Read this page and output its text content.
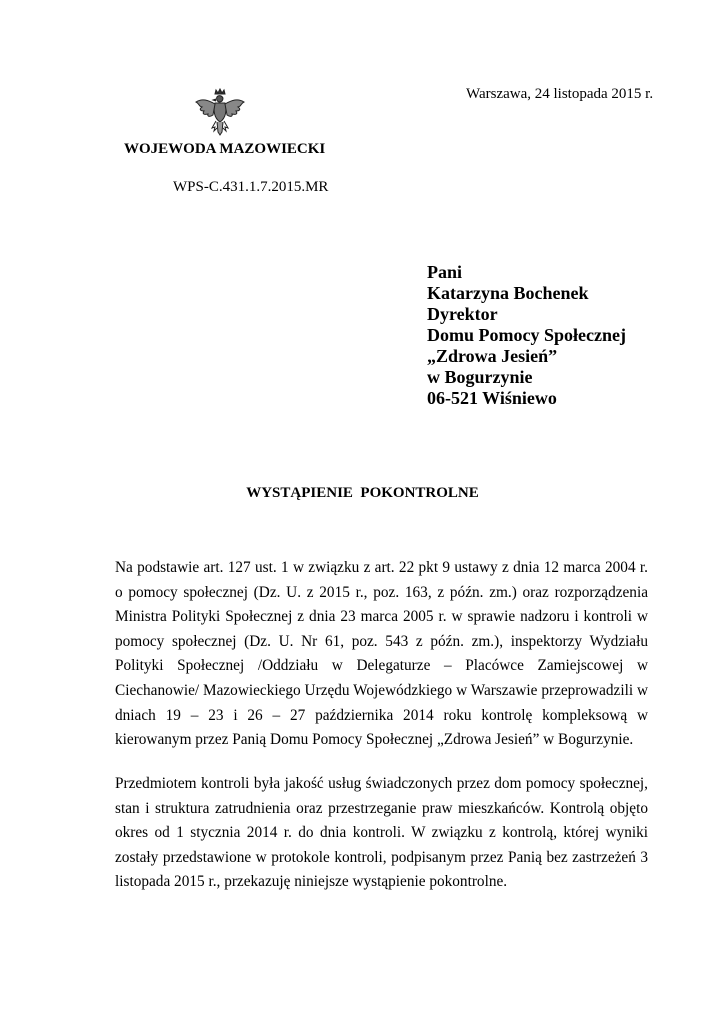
Warszawa, 24 listopada 2015 r.
WOJEWODA MAZOWIECKI
WPS-C.431.1.7.2015.MR
Pani
Katarzyna Bochenek
Dyrektor
Domu Pomocy Społecznej
„Zdrowa Jesień”
w Bogurzynie
06-521 Wiśniewo
WYSTĄPIENIE  POKONTROLNE

Na podstawie art. 127 ust. 1 w związku z art. 22 pkt 9 ustawy z dnia 12 marca 2004 r. o pomocy społecznej (Dz. U. z 2015 r., poz. 163, z późn. zm.) oraz rozporządzenia Ministra Polityki Społecznej z dnia 23 marca 2005 r. w sprawie nadzoru i kontroli w pomocy społecznej (Dz. U. Nr 61, poz. 543 z późn. zm.), inspektorzy Wydziału Polityki Społecznej /Oddziału w Delegaturze – Placówce Zamiejscowej w Ciechanowie/ Mazowieckiego Urzędu Wojewódzkiego w Warszawie przeprowadzili w dniach 19 – 23 i 26 – 27 października 2014 roku kontrolę kompleksową w kierowanym przez Panią Domu Pomocy Społecznej „Zdrowa Jesień” w Bogurzynie.

Przedmiotem kontroli była jakość usług świadczonych przez dom pomocy społecznej, stan i struktura zatrudnienia oraz przestrzeganie praw mieszkańców. Kontrolą objęto okres od 1 stycznia 2014 r. do dnia kontroli. W związku z kontrolą, której wyniki zostały przedstawione w protokole kontroli, podpisanym przez Panią bez zastrzeżeń 3 listopada 2015 r., przekazuję niniejsze wystąpienie pokontrolne.
